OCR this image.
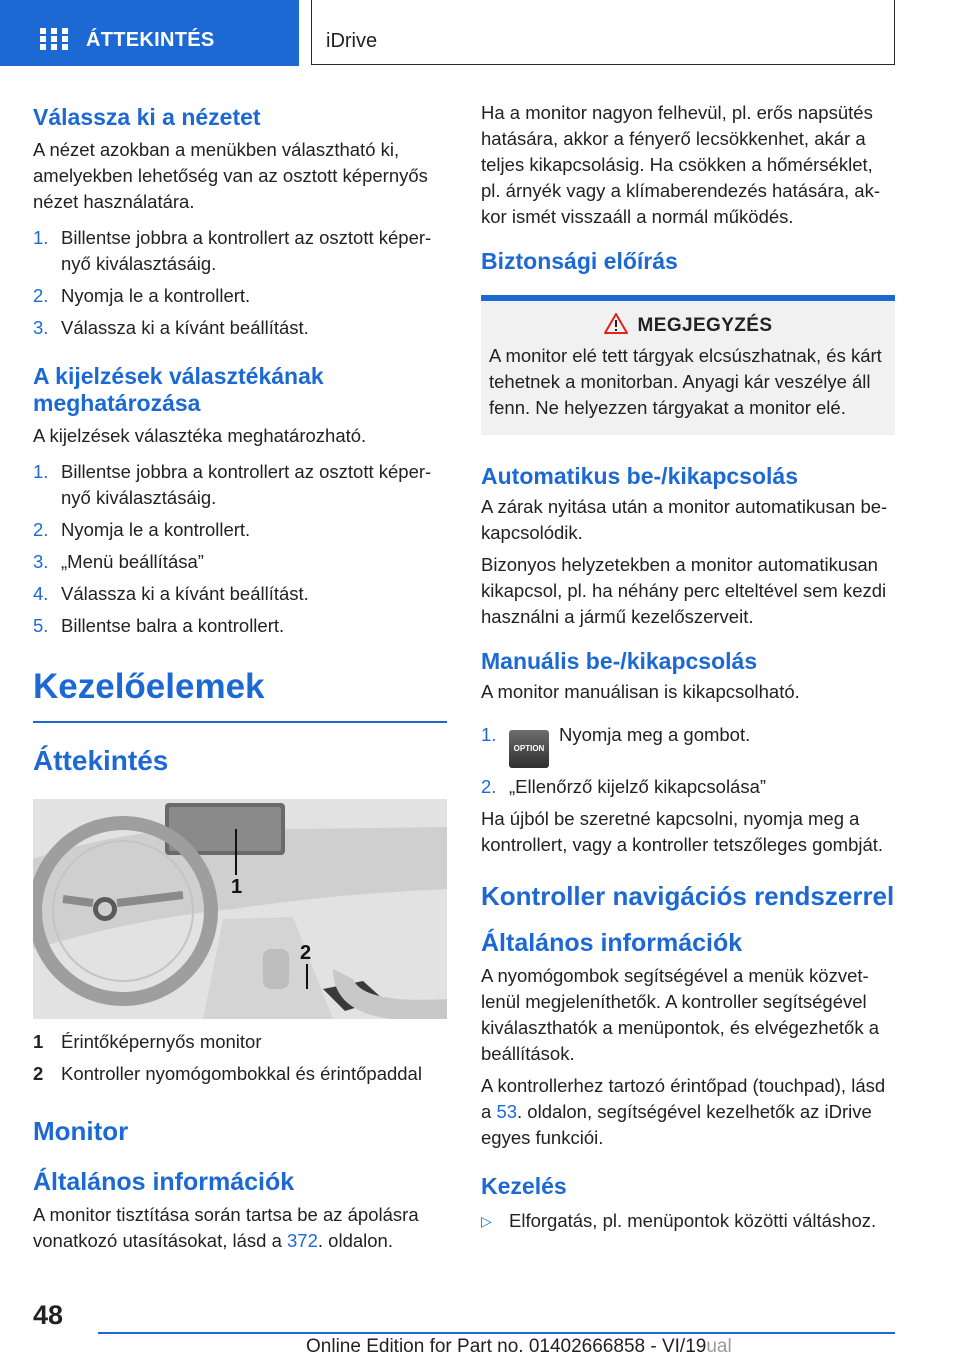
ÁTTEKINTÉS	iDrive
Válassza ki a nézetet

A nézet azokban a menükben választható ki, amelyekben lehetőség van az osztott képernyős nézet használatára.

1. Billentse jobbra a kontrollert az osztott képer‐nyő kiválasztásáig.
2. Nyomja le a kontrollert.
3. Válassza ki a kívánt beállítást.
A kijelzések választékának meghatározása

A kijelzések választéka meghatározható.

1. Billentse jobbra a kontrollert az osztott képer‐nyő kiválasztásáig.
2. Nyomja le a kontrollert.
3. „Menü beállítása”
4. Válassza ki a kívánt beállítást.
5. Billentse balra a kontrollert.
Kezelőelemek
Áttekintés
1
2
1 Érintőképernyős monitor
2 Kontroller nyomógombokkal és érintőpaddal
Monitor
Általános információk

A monitor tisztítása során tartsa be az ápolásra vonatkozó utasításokat, lásd a 372. oldalon.

Ha a monitor nagyon felhevül, pl. erős napsütés hatására, akkor a fényerő lecsökkenhet, akár a teljes kikapcsolásig. Ha csökken a hőmérséklet, pl. árnyék vagy a klímaberendezés hatására, ak‐kor ismét visszaáll a normál működés.

Biztonsági előírás
MEGJEGYZÉS

A monitor elé tett tárgyak elcsúszhatnak, és kárt tehetnek a monitorban. Anyagi kár veszélye áll fenn. Ne helyezzen tárgyakat a monitor elé.

Automatikus be-/kikapcsolás

A zárak nyitása után a monitor automatikusan be‐kapcsolódik.

Bizonyos helyzetekben a monitor automatikusan kikapcsol, pl. ha néhány perc elteltével sem kezdi használni a jármű kezelőszerveit.

Manuális be-/kikapcsolás

A monitor manuálisan is kikapcsolható.

1.
OPTIONNyomja meg a gombot.
2. „Ellenőrző kijelző kikapcsolása”

Ha újból be szeretné kapcsolni, nyomja meg a kontrollert, vagy a kontroller tetszőleges gombját.

Kontroller navigációs rendszerrel
Általános információk

A nyomógombok segítségével a menük közvet‐lenül megjeleníthetők. A kontroller segítségével kiválaszthatók a menüpontok, és elvégezhetők a beállítások.

A kontrollerhez tartozó érintőpad (touchpad), lásd a 53. oldalon, segítségével kezelhetők az iDrive egyes funkciói.

Kezelés
▷ Elforgatás, pl. menüpontok közötti váltáshoz.
48
Online Edition for Part no. 01402666858 - VI/19ual
